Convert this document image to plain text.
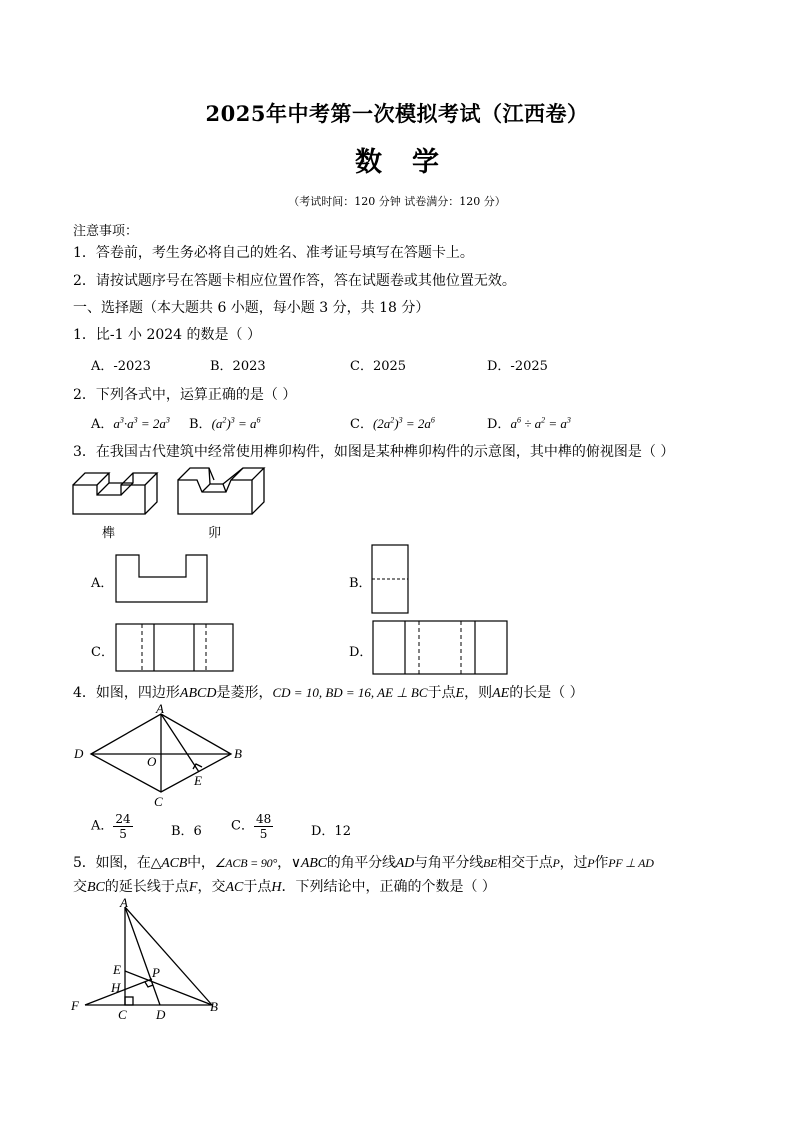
2025年中考第一次模拟考试（江西卷）
数学
（考试时间：120 分钟 试卷满分：120 分）
注意事项：
1．答卷前，考生务必将自己的姓名、准考证号填写在答题卡上。
2．请按试题序号在答题卡相应位置作答，答在试题卷或其他位置无效。
一、选择题（本大题共 6 小题，每小题 3 分，共 18 分）
1．比-1 小 2024 的数是（ ）
A．-2023	B．2023	C．2025	D．-2025
2．下列各式中，运算正确的是（ ）
A．$a^3\cdot a^3 = 2a^3$ B．$(a^2)^3 = a^6$	C．$(2a^2)^3 = 2a^6$	D．$a^6 \div a^2 = a^3$
3．在我国古代建筑中经常使用榫卯构件，如图是某种榫卯构件的示意图，其中榫的俯视图是（ ）
榫	卯
A．	B．
C．	D．
4．如图，四边形ABCD是菱形，CD = 10, BD = 16, AE ⊥ BC于点E，则AE的长是（ ）
A
B
C
D
O
E
A． $\frac{24}{5}$	B．6 C． $\frac{48}{5}$	D．12
5．如图，在△ACB中，∠ACB = 90°，∨ABC的角平分线AD与角平分线BE相交于点P，过P作PF ⊥ AD
交BC的延长线于点F，交AC于点H．下列结论中，正确的个数是（ ）
A
E
H
P
F
C D
B
